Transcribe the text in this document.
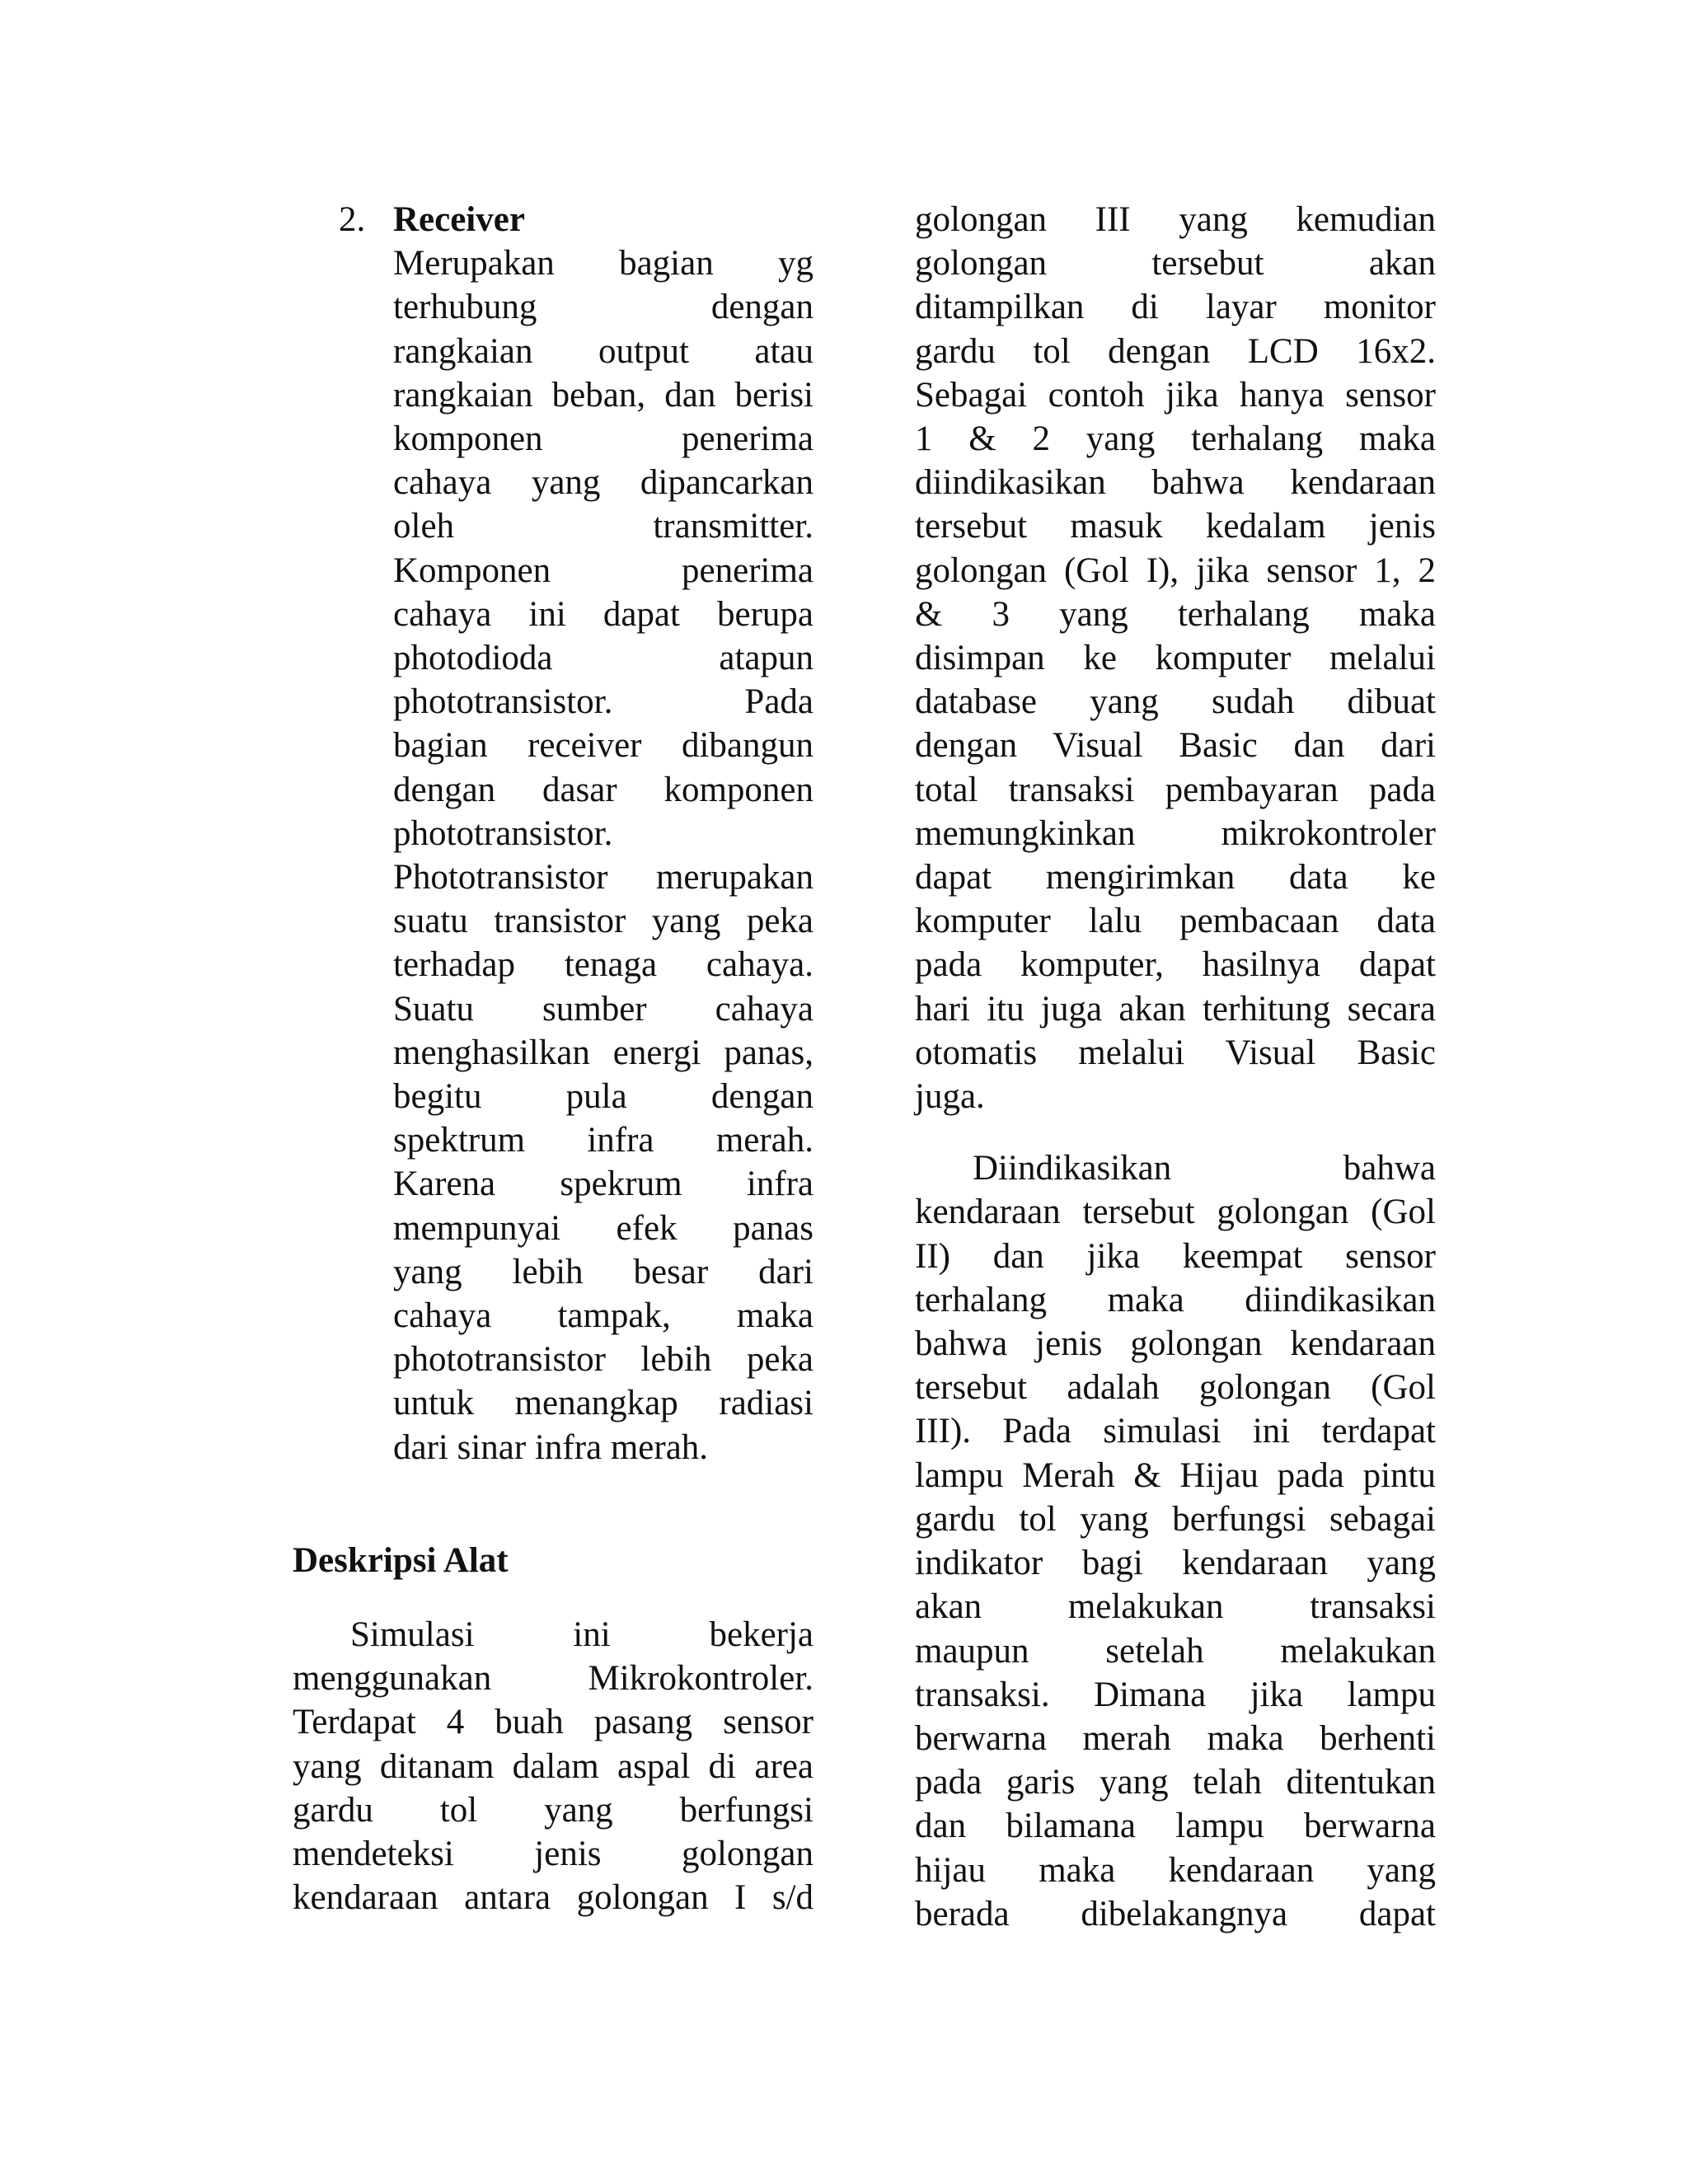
2. Receiver
Merupakan bagian yg
terhubung dengan
rangkaian output atau
rangkaian beban, dan berisi
komponen penerima
cahaya yang dipancarkan
oleh transmitter.
Komponen penerima
cahaya ini dapat berupa
photodioda atapun
phototransistor. Pada
bagian receiver dibangun
dengan dasar komponen
phototransistor.
Phototransistor merupakan
suatu transistor yang peka
terhadap tenaga cahaya.
Suatu sumber cahaya
menghasilkan energi panas,
begitu pula dengan
spektrum infra merah.
Karena spekrum infra
mempunyai efek panas
yang lebih besar dari
cahaya tampak, maka
phototransistor lebih peka
untuk menangkap radiasi
dari sinar infra merah.
Deskripsi Alat
Simulasi ini bekerja
menggunakan Mikrokontroler.
Terdapat 4 buah pasang sensor
yang ditanam dalam aspal di area
gardu tol yang berfungsi
mendeteksi jenis golongan
kendaraan antara golongan I s/d
golongan III yang kemudian
golongan tersebut akan
ditampilkan di layar monitor
gardu tol dengan LCD 16x2.
Sebagai contoh jika hanya sensor
1 & 2 yang terhalang maka
diindikasikan bahwa kendaraan
tersebut masuk kedalam jenis
golongan (Gol I), jika sensor 1, 2
& 3 yang terhalang maka
disimpan ke komputer melalui
database yang sudah dibuat
dengan Visual Basic dan dari
total transaksi pembayaran pada
memungkinkan mikrokontroler
dapat mengirimkan data ke
komputer lalu pembacaan data
pada komputer, hasilnya dapat
hari itu juga akan terhitung secara
otomatis melalui Visual Basic
juga.
Diindikasikan bahwa
kendaraan tersebut golongan (Gol
II) dan jika keempat sensor
terhalang maka diindikasikan
bahwa jenis golongan kendaraan
tersebut adalah golongan (Gol
III). Pada simulasi ini terdapat
lampu Merah & Hijau pada pintu
gardu tol yang berfungsi sebagai
indikator bagi kendaraan yang
akan melakukan transaksi
maupun setelah melakukan
transaksi. Dimana jika lampu
berwarna merah maka berhenti
pada garis yang telah ditentukan
dan bilamana lampu berwarna
hijau maka kendaraan yang
berada dibelakangnya dapat
